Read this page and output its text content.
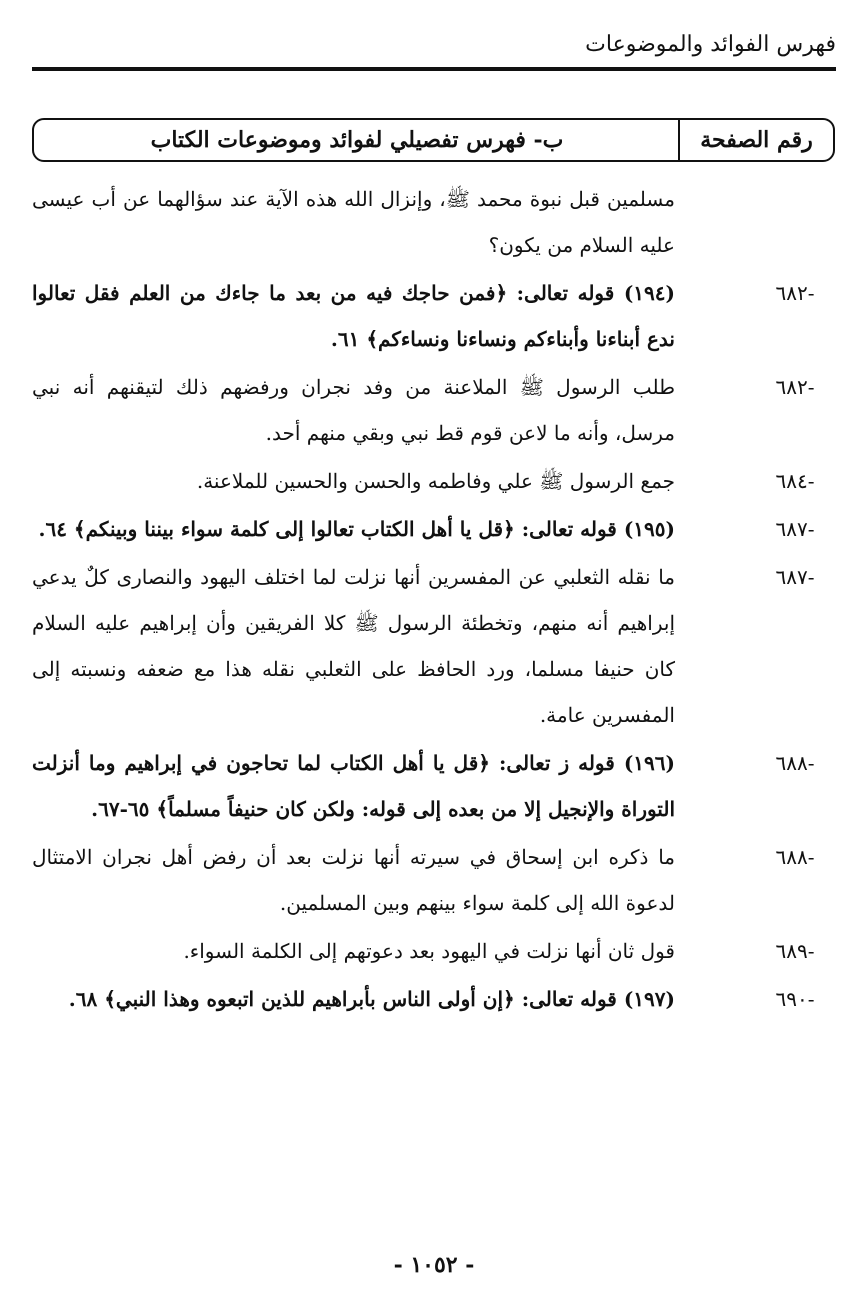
فهرس الفوائد والموضوعات
رقم الصفحة
ب- فهرس تفصيلي لفوائد وموضوعات الكتاب
مسلمين قبل نبوة محمد ﷺ، وإنزال الله هذه الآية عند سؤالهما عن أب عيسى عليه السلام من يكون؟
-٦٨٢
(١٩٤) قوله تعالى: ﴿فمن حاجك فيه من بعد ما جاءك من العلم فقل تعالوا ندع أبناءنا وأبناءكم ونساءنا ونساءكم﴾ ٦١.
-٦٨٢
طلب الرسول ﷺ الملاعنة من وفد نجران ورفضهم ذلك لتيقنهم أنه نبي مرسل، وأنه ما لاعن قوم قط نبي وبقي منهم أحد.
-٦٨٤
جمع الرسول ﷺ علي وفاطمه والحسن والحسين للملاعنة.
-٦٨٧
(١٩٥) قوله تعالى: ﴿قل يا أهل الكتاب تعالوا إلى كلمة سواء بيننا وبينكم﴾ ٦٤.
-٦٨٧
ما نقله الثعلبي عن المفسرين أنها نزلت لما اختلف اليهود والنصارى كلٌ يدعي إبراهيم أنه منهم، وتخطئة الرسول ﷺ كلا الفريقين وأن إبراهيم عليه السلام كان حنيفا مسلما، ورد الحافظ على الثعلبي نقله هذا مع ضعفه ونسبته إلى المفسرين عامة.
-٦٨٨
(١٩٦) قوله ز تعالى: ﴿قل يا أهل الكتاب لما تحاجون في إبراهيم وما أنزلت التوراة والإنجيل إلا من بعده إلى قوله: ولكن كان حنيفاً مسلماً﴾ ٦٥-٦٧.
-٦٨٨
ما ذكره ابن إسحاق في سيرته أنها نزلت بعد أن رفض أهل نجران الامتثال لدعوة الله إلى كلمة سواء بينهم وبين المسلمين.
-٦٨٩
قول ثان أنها نزلت في اليهود بعد دعوتهم إلى الكلمة السواء.
-٦٩٠
(١٩٧) قوله تعالى: ﴿إن أولى الناس بأبراهيم للذين اتبعوه وهذا النبي﴾ ٦٨.
- ١٠٥٢ -
